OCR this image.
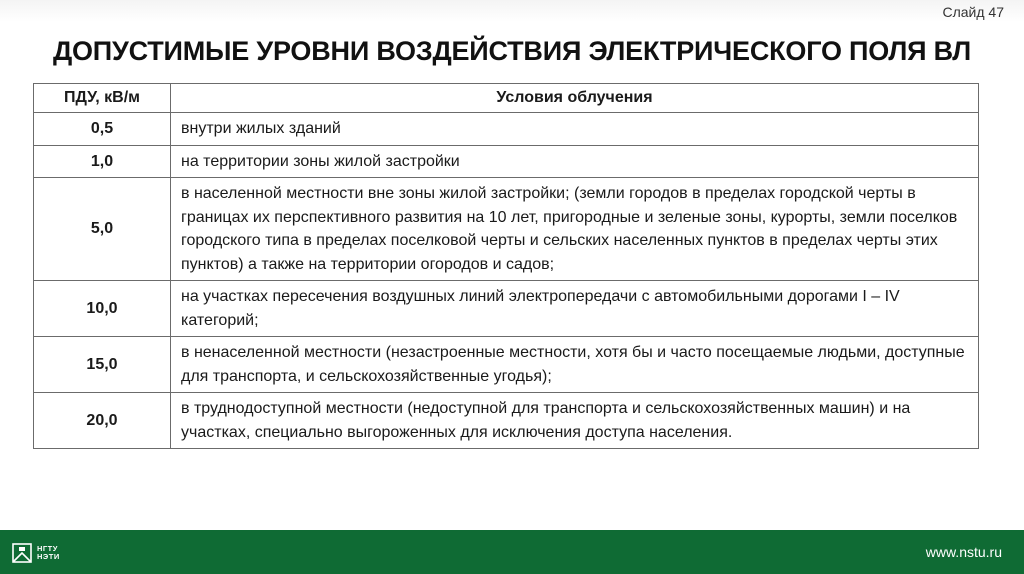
Слайд 47
ДОПУСТИМЫЕ УРОВНИ ВОЗДЕЙСТВИЯ ЭЛЕКТРИЧЕСКОГО ПОЛЯ ВЛ
ПДУ, кВ/м	Условия облучения
0,5	внутри жилых зданий
1,0	на территории зоны жилой застройки
5,0	в населенной местности вне зоны жилой застройки; (земли городов в пределах городской черты в границах их перспективного развития на 10 лет, пригородные и зеленые зоны, курорты, земли поселков городского типа в пределах поселковой черты и сельских населенных пунктов в пределах черты этих пунктов) а также на территории огородов и садов;
10,0	на участках пересечения воздушных линий электропередачи с автомобильными дорогами I – IV категорий;
15,0	в ненаселенной местности (незастроенные местности, хотя бы и часто посещаемые людьми, доступные для транспорта, и сельскохозяйственные угодья);
20,0	в труднодоступной местности (недоступной для транспорта и сельскохозяйственных машин) и на участках, специально выгороженных для исключения доступа населения.
НГТУ
НЭТИ	www.nstu.ru
